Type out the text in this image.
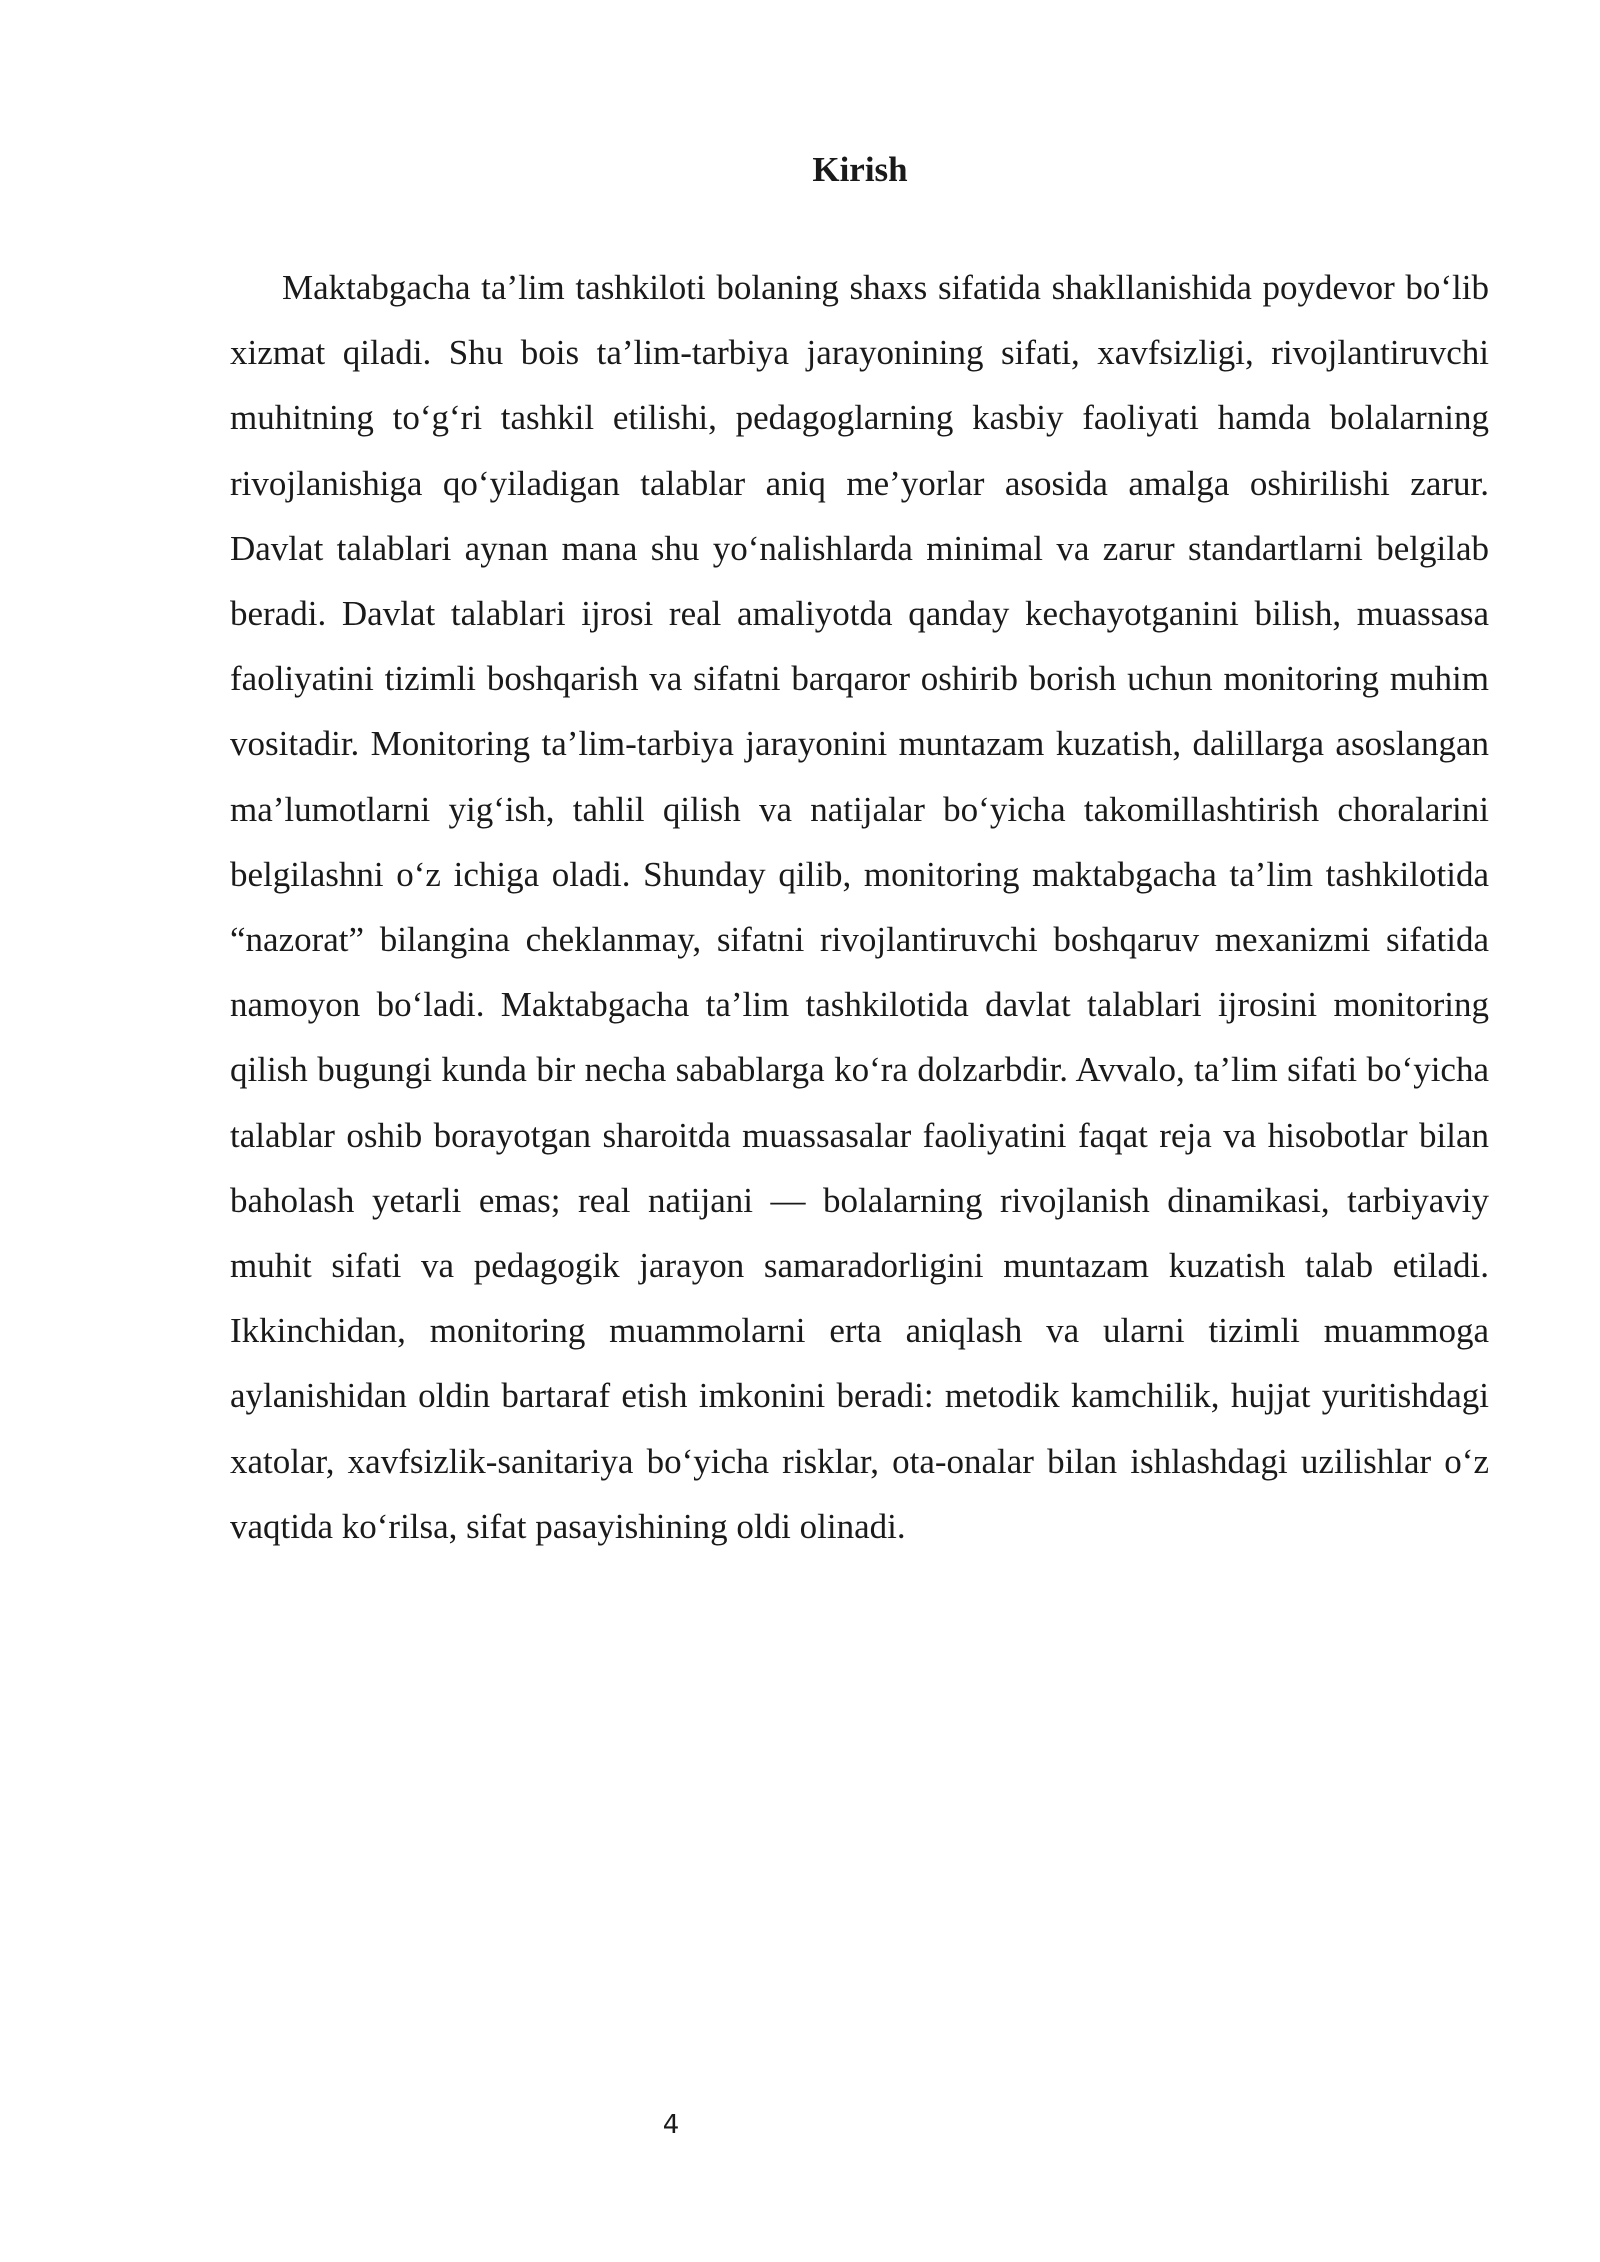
Kirish

Maktabgacha ta’lim tashkiloti bolaning shaxs sifatida shakllanishida poydevor bo‘lib xizmat qiladi. Shu bois ta’lim-tarbiya jarayonining sifati, xavfsizligi, rivojlantiruvchi muhitning to‘g‘ri tashkil etilishi, pedagoglarning kasbiy faoliyati hamda bolalarning rivojlanishiga qo‘yiladigan talablar aniq me’yorlar asosida amalga oshirilishi zarur. Davlat talablari aynan mana shu yo‘nalishlarda minimal va zarur standartlarni belgilab beradi. Davlat talablari ijrosi real amaliyotda qanday kechayotganini bilish, muassasa faoliyatini tizimli boshqarish va sifatni barqaror oshirib borish uchun monitoring muhim vositadir. Monitoring ta’lim-tarbiya jarayonini muntazam kuzatish, dalillarga asoslangan ma’lumotlarni yig‘ish, tahlil qilish va natijalar bo‘yicha takomillashtirish choralarini belgilashni o‘z ichiga oladi. Shunday qilib, monitoring maktabgacha ta’lim tashkilotida “nazorat” bilangina cheklanmay, sifatni rivojlantiruvchi boshqaruv mexanizmi sifatida namoyon bo‘ladi. Maktabgacha ta’lim tashkilotida davlat talablari ijrosini monitoring qilish bugungi kunda bir necha sabablarga ko‘ra dolzarbdir. Avvalo, ta’lim sifati bo‘yicha talablar oshib borayotgan sharoitda muassasalar faoliyatini faqat reja va hisobotlar bilan baholash yetarli emas; real natijani — bolalarning rivojlanish dinamikasi, tarbiyaviy muhit sifati va pedagogik jarayon samaradorligini muntazam kuzatish talab etiladi. Ikkinchidan, monitoring muammolarni erta aniqlash va ularni tizimli muammoga aylanishidan oldin bartaraf etish imkonini beradi: metodik kamchilik, hujjat yuritishdagi xatolar, xavfsizlik-sanitariya bo‘yicha risklar, ota-onalar bilan ishlashdagi uzilishlar o‘z vaqtida ko‘rilsa, sifat pasayishining oldi olinadi.

4
